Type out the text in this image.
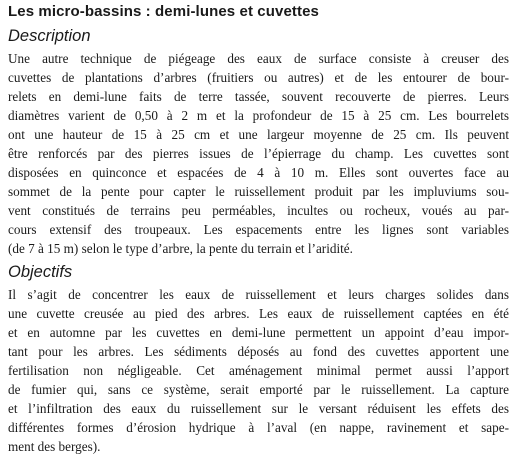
Les micro-bassins : demi-lunes et cuvettes
Description
Une autre technique de piégeage des eaux de surface consiste à creuser des
cuvettes de plantations d’arbres (fruitiers ou autres) et de les entourer de bour-
relets en demi-lune faits de terre tassée, souvent recouverte de pierres. Leurs
diamètres varient de 0,50 à 2 m et la profondeur de 15 à 25 cm. Les bourrelets
ont une hauteur de 15 à 25 cm et une largeur moyenne de 25 cm. Ils peuvent
être renforcés par des pierres issues de l’épierrage du champ. Les cuvettes sont
disposées en quinconce et espacées de 4 à 10 m. Elles sont ouvertes face au
sommet de la pente pour capter le ruissellement produit par les impluviums sou-
vent constitués de terrains peu perméables, incultes ou rocheux, voués au par-
cours extensif des troupeaux. Les espacements entre les lignes sont variables
(de 7 à 15 m) selon le type d’arbre, la pente du terrain et l’aridité.
Objectifs
Il s’agit de concentrer les eaux de ruissellement et leurs charges solides dans
une cuvette creusée au pied des arbres. Les eaux de ruissellement captées en été
et en automne par les cuvettes en demi-lune permettent un appoint d’eau impor-
tant pour les arbres. Les sédiments déposés au fond des cuvettes apportent une
fertilisation non négligeable. Cet aménagement minimal permet aussi l’apport
de fumier qui, sans ce système, serait emporté par le ruissellement. La capture
et l’infiltration des eaux du ruissellement sur le versant réduisent les effets des
différentes formes d’érosion hydrique à l’aval (en nappe, ravinement et sape-
ment des berges).
